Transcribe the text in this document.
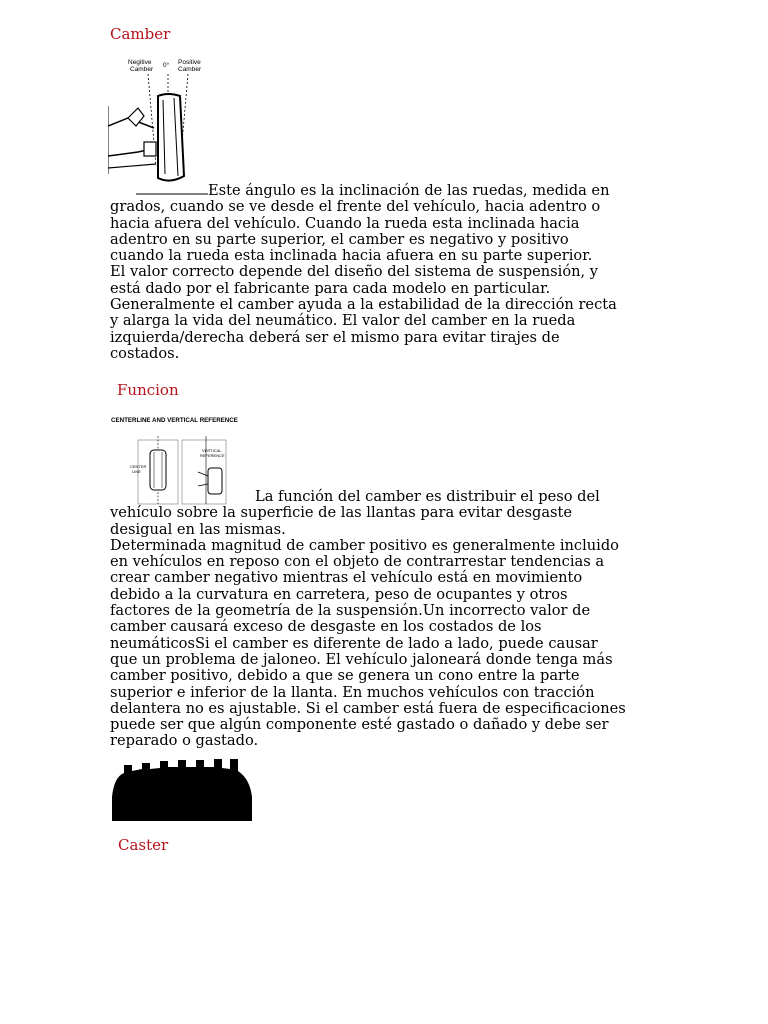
Camber
Negitive
Camber
0° Positive
Camber
Este ángulo es la inclinación de las ruedas, medida en
grados, cuando se ve desde el frente del vehículo, hacia adentro o
hacia afuera del vehículo. Cuando la rueda esta inclinada hacia
adentro en su parte superior, el camber es negativo y positivo
cuando la rueda esta inclinada hacia afuera en su parte superior.
El valor correcto depende del diseño del sistema de suspensión, y
está dado por el fabricante para cada modelo en particular.
Generalmente el camber ayuda a la estabilidad de la dirección recta
y alarga la vida del neumático. El valor del camber en la rueda
izquierda/derecha deberá ser el mismo para evitar tirajes de
costados.
Funcion
CENTERLINE AND VERTICAL REFERENCE
CENTER
LINE
VERTICAL
REFERENCE
La función del camber es distribuir el peso del
vehículo sobre la superficie de las llantas para evitar desgaste
desigual en las mismas.
Determinada magnitud de camber positivo es generalmente incluido
en vehículos en reposo con el objeto de contrarrestar tendencias a
crear camber negativo mientras el vehículo está en movimiento
debido a la curvatura en carretera, peso de ocupantes y otros
factores de la geometría de la suspensión.Un incorrecto valor de
camber causará exceso de desgaste en los costados de los
neumáticosSi el camber es diferente de lado a lado, puede causar
que un problema de jaloneo. El vehículo jaloneará donde tenga más
camber positivo, debido a que se genera un cono entre la parte
superior e inferior de la llanta. En muchos vehículos con tracción
delantera no es ajustable. Si el camber está fuera de especificaciones
puede ser que algún componente esté gastado o dañado y debe ser
reparado o gastado.
Caster
